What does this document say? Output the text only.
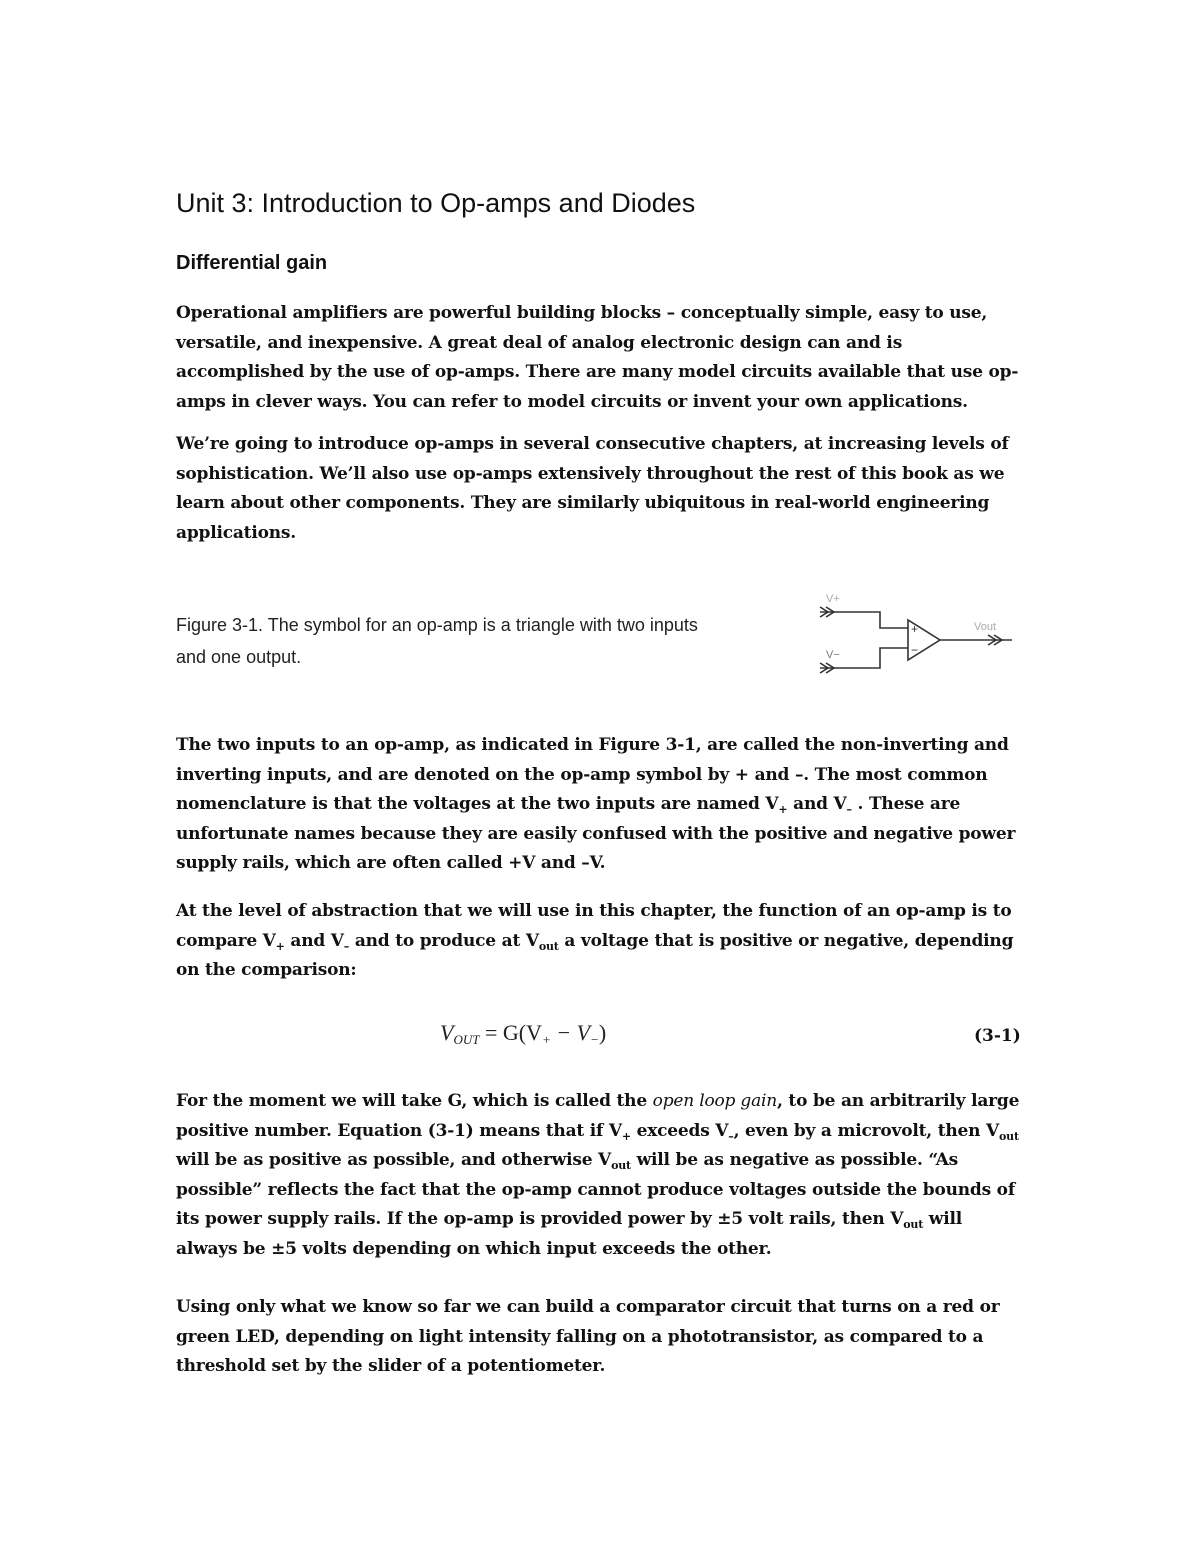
Unit 3: Introduction to Op-amps and Diodes
Differential gain

Operational amplifiers are powerful building blocks – conceptually simple, easy to use, versatile, and inexpensive. A great deal of analog electronic design can and is accomplished by the use of op-amps. There are many model circuits available that use op-amps in clever ways. You can refer to model circuits or invent your own applications.

We’re going to introduce op-amps in several consecutive chapters, at increasing levels of sophistication. We’ll also use op-amps extensively throughout the rest of this book as we learn about other components. They are similarly ubiquitous in real-world engineering applications.

Figure 3-1. The symbol for an op-amp is a triangle with two inputs and one output.

V+
V−
Vout
+
−

The two inputs to an op-amp, as indicated in Figure 3-1, are called the non-inverting and inverting inputs, and are denoted on the op-amp symbol by + and –. The most common nomenclature is that the voltages at the two inputs are named $V_+$ and $V_-$ . These are unfortunate names because they are easily confused with the positive and negative power supply rails, which are often called +V and –V.

At the level of abstraction that we will use in this chapter, the function of an op-amp is to compare $V_+$ and $V_-$ and to produce at $V_{out}$ a voltage that is positive or negative, depending on the comparison:

$V_{OUT} = G(V_+ - V_-)$	(3-1)

For the moment we will take G, which is called the open loop gain, to be an arbitrarily large positive number. Equation (3-1) means that if $V_+$ exceeds $V_-$, even by a microvolt, then $V_{out}$ will be as positive as possible, and otherwise $V_{out}$ will be as negative as possible. “As possible” reflects the fact that the op-amp cannot produce voltages outside the bounds of its power supply rails. If the op-amp is provided power by ±5 volt rails, then $V_{out}$ will always be ±5 volts depending on which input exceeds the other.

Using only what we know so far we can build a comparator circuit that turns on a red or green LED, depending on light intensity falling on a phototransistor, as compared to a threshold set by the slider of a potentiometer.
